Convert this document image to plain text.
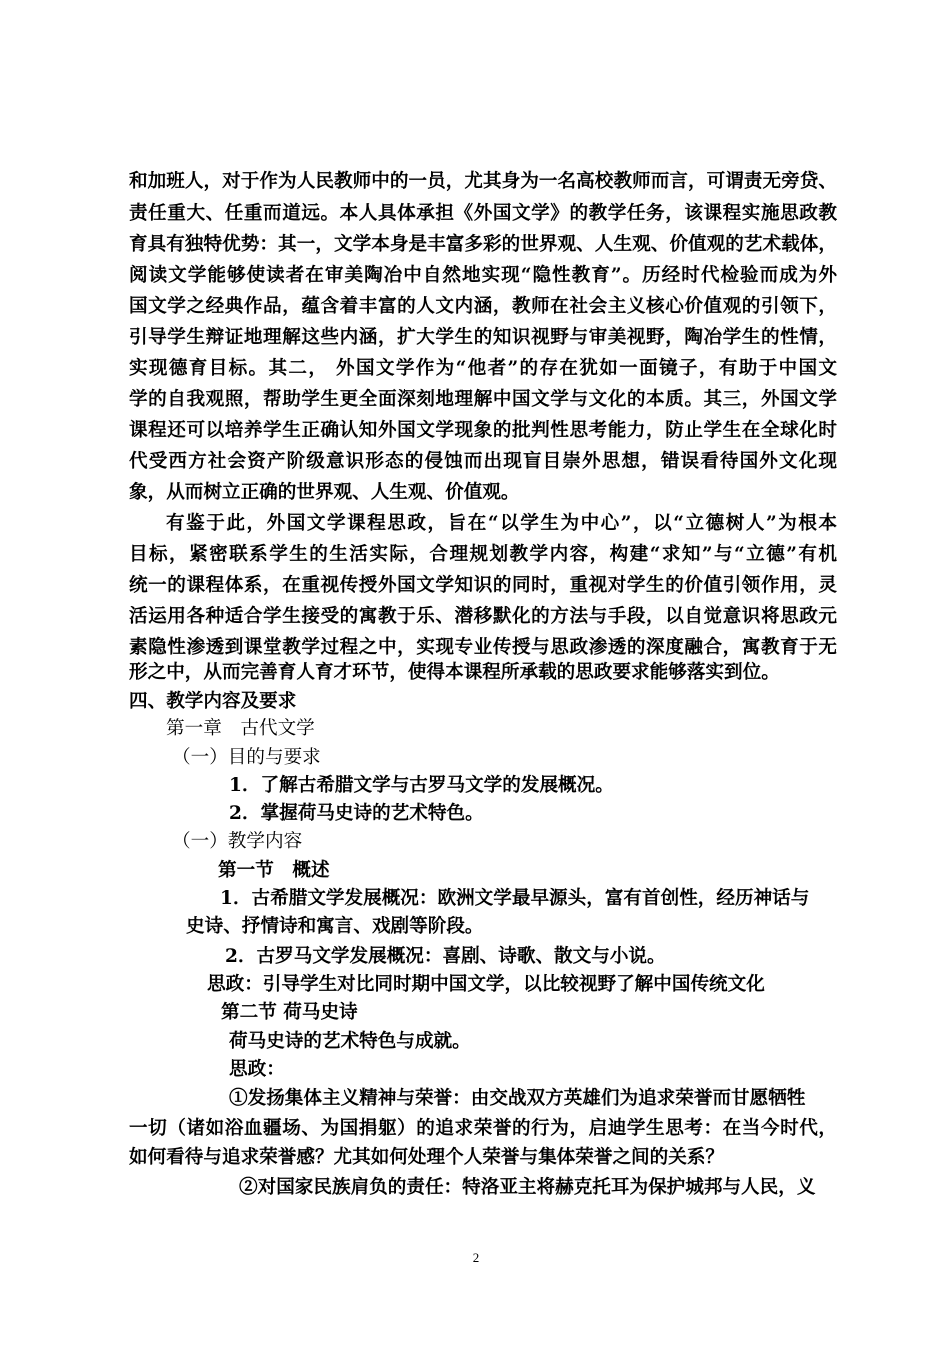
和加班人，对于作为人民教师中的一员，尤其身为一名高校教师而言，可谓责无旁贷、
责任重大、任重而道远。本人具体承担《外国文学》的教学任务，该课程实施思政教
育具有独特优势：其一，文学本身是丰富多彩的世界观、人生观、价值观的艺术载体，
阅读文学能够使读者在审美陶冶中自然地实现“隐性教育”。历经时代检验而成为外
国文学之经典作品，蕴含着丰富的人文内涵，教师在社会主义核心价值观的引领下，
引导学生辩证地理解这些内涵，扩大学生的知识视野与审美视野，陶冶学生的性情，
实现德育目标。其二， 外国文学作为“他者”的存在犹如一面镜子，有助于中国文
学的自我观照，帮助学生更全面深刻地理解中国文学与文化的本质。其三，外国文学
课程还可以培养学生正确认知外国文学现象的批判性思考能力，防止学生在全球化时
代受西方社会资产阶级意识形态的侵蚀而出现盲目崇外思想，错误看待国外文化现
象，从而树立正确的世界观、人生观、价值观。
有鉴于此，外国文学课程思政，旨在“以学生为中心”，以“立德树人”为根本
目标，紧密联系学生的生活实际，合理规划教学内容，构建“求知”与“立德”有机
统一的课程体系，在重视传授外国文学知识的同时，重视对学生的价值引领作用，灵
活运用各种适合学生接受的寓教于乐、潜移默化的方法与手段，以自觉意识将思政元
素隐性渗透到课堂教学过程之中，实现专业传授与思政渗透的深度融合，寓教育于无
形之中，从而完善育人育才环节，使得本课程所承载的思政要求能够落实到位。
四、教学内容及要求
第一章　古代文学
（一）目的与要求
1．了解古希腊文学与古罗马文学的发展概况。
2．掌握荷马史诗的艺术特色。
（一）教学内容
第一节　概述
1．古希腊文学发展概况：欧洲文学最早源头，富有首创性，经历神话与
史诗、抒情诗和寓言、戏剧等阶段。
2．古罗马文学发展概况：喜剧、诗歌、散文与小说。
思政：引导学生对比同时期中国文学，以比较视野了解中国传统文化
第二节 荷马史诗
荷马史诗的艺术特色与成就。
思政：
①发扬集体主义精神与荣誉：由交战双方英雄们为追求荣誉而甘愿牺牲
一切（诸如浴血疆场、为国捐躯）的追求荣誉的行为，启迪学生思考：在当今时代，
如何看待与追求荣誉感？尤其如何处理个人荣誉与集体荣誉之间的关系？
②对国家民族肩负的责任：特洛亚主将赫克托耳为保护城邦与人民，义
2
